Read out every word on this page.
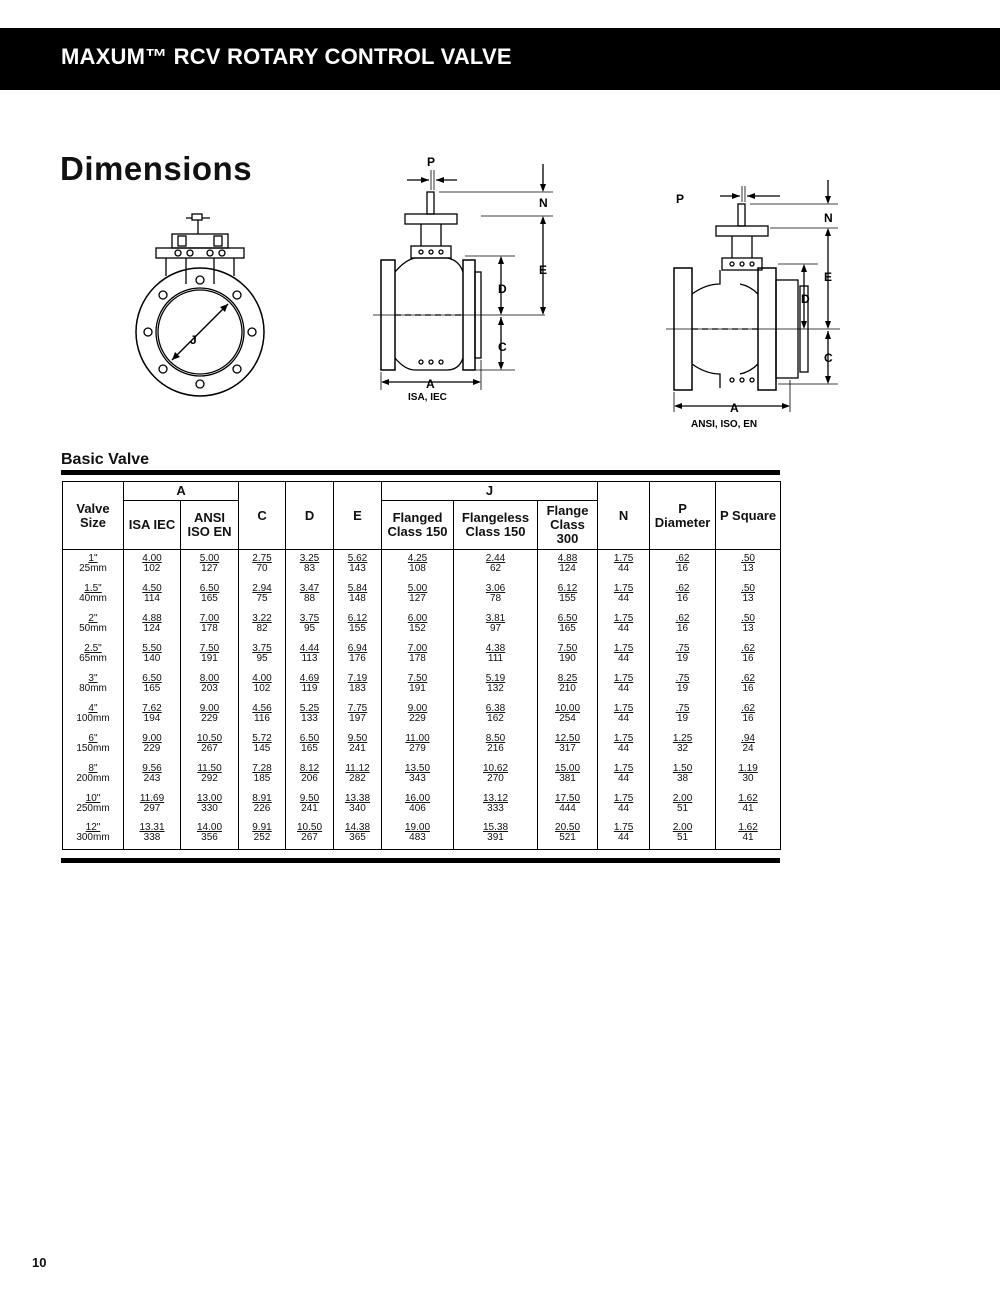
MAXUM™ RCV ROTARY CONTROL VALVE
Dimensions
J
P
N
E
D
C
A
ISA, IEC
P
N
E
D
C
A
ANSI, ISO, EN
Basic Valve
Valve Size	A		C	D	E	J			N	P Diameter	P Square
	ISA IEC	ANSI ISO EN				Flanged Class 150	Flangeless Class 150	Flange Class 300			

$\frac{1"}{25mm}$	$\frac{4.00}{102}$	$\frac{5.00}{127}$	$\frac{2.75}{70}$	$\frac{3.25}{83}$	$\frac{5.62}{143}$	$\frac{4.25}{108}$	$\frac{2.44}{62}$	$\frac{4.88}{124}$	$\frac{1.75}{44}$	$\frac{.62}{16}$	$\frac{.50}{13}$

$\frac{1.5"}{40mm}$	$\frac{4.50}{114}$	$\frac{6.50}{165}$	$\frac{2.94}{75}$	$\frac{3.47}{88}$	$\frac{5.84}{148}$	$\frac{5.00}{127}$	$\frac{3.06}{78}$	$\frac{6.12}{155}$	$\frac{1.75}{44}$	$\frac{.62}{16}$	$\frac{.50}{13}$

$\frac{2"}{50mm}$	$\frac{4.88}{124}$	$\frac{7.00}{178}$	$\frac{3.22}{82}$	$\frac{3.75}{95}$	$\frac{6.12}{155}$	$\frac{6.00}{152}$	$\frac{3.81}{97}$	$\frac{6.50}{165}$	$\frac{1.75}{44}$	$\frac{.62}{16}$	$\frac{.50}{13}$

$\frac{2.5"}{65mm}$	$\frac{5.50}{140}$	$\frac{7.50}{191}$	$\frac{3.75}{95}$	$\frac{4.44}{113}$	$\frac{6.94}{176}$	$\frac{7.00}{178}$	$\frac{4.38}{111}$	$\frac{7.50}{190}$	$\frac{1.75}{44}$	$\frac{.75}{19}$	$\frac{.62}{16}$

$\frac{3"}{80mm}$	$\frac{6.50}{165}$	$\frac{8.00}{203}$	$\frac{4.00}{102}$	$\frac{4.69}{119}$	$\frac{7.19}{183}$	$\frac{7.50}{191}$	$\frac{5.19}{132}$	$\frac{8.25}{210}$	$\frac{1.75}{44}$	$\frac{.75}{19}$	$\frac{.62}{16}$

$\frac{4"}{100mm}$	$\frac{7.62}{194}$	$\frac{9.00}{229}$	$\frac{4.56}{116}$	$\frac{5.25}{133}$	$\frac{7.75}{197}$	$\frac{9.00}{229}$	$\frac{6.38}{162}$	$\frac{10.00}{254}$	$\frac{1.75}{44}$	$\frac{.75}{19}$	$\frac{.62}{16}$

$\frac{6"}{150mm}$	$\frac{9.00}{229}$	$\frac{10.50}{267}$	$\frac{5.72}{145}$	$\frac{6.50}{165}$	$\frac{9.50}{241}$	$\frac{11.00}{279}$	$\frac{8.50}{216}$	$\frac{12.50}{317}$	$\frac{1.75}{44}$	$\frac{1.25}{32}$	$\frac{.94}{24}$

$\frac{8"}{200mm}$	$\frac{9.56}{243}$	$\frac{11.50}{292}$	$\frac{7.28}{185}$	$\frac{8.12}{206}$	$\frac{11.12}{282}$	$\frac{13.50}{343}$	$\frac{10.62}{270}$	$\frac{15.00}{381}$	$\frac{1.75}{44}$	$\frac{1.50}{38}$	$\frac{1.19}{30}$

$\frac{10"}{250mm}$	$\frac{11.69}{297}$	$\frac{13.00}{330}$	$\frac{8.91}{226}$	$\frac{9.50}{241}$	$\frac{13.38}{340}$	$\frac{16.00}{406}$	$\frac{13.12}{333}$	$\frac{17.50}{444}$	$\frac{1.75}{44}$	$\frac{2.00}{51}$	$\frac{1.62}{41}$

$\frac{12"}{300mm}$	$\frac{13.31}{338}$	$\frac{14.00}{356}$	$\frac{9.91}{252}$	$\frac{10.50}{267}$	$\frac{14.38}{365}$	$\frac{19.00}{483}$	$\frac{15.38}{391}$	$\frac{20.50}{521}$	$\frac{1.75}{44}$	$\frac{2.00}{51}$	$\frac{1.62}{41}$
10
